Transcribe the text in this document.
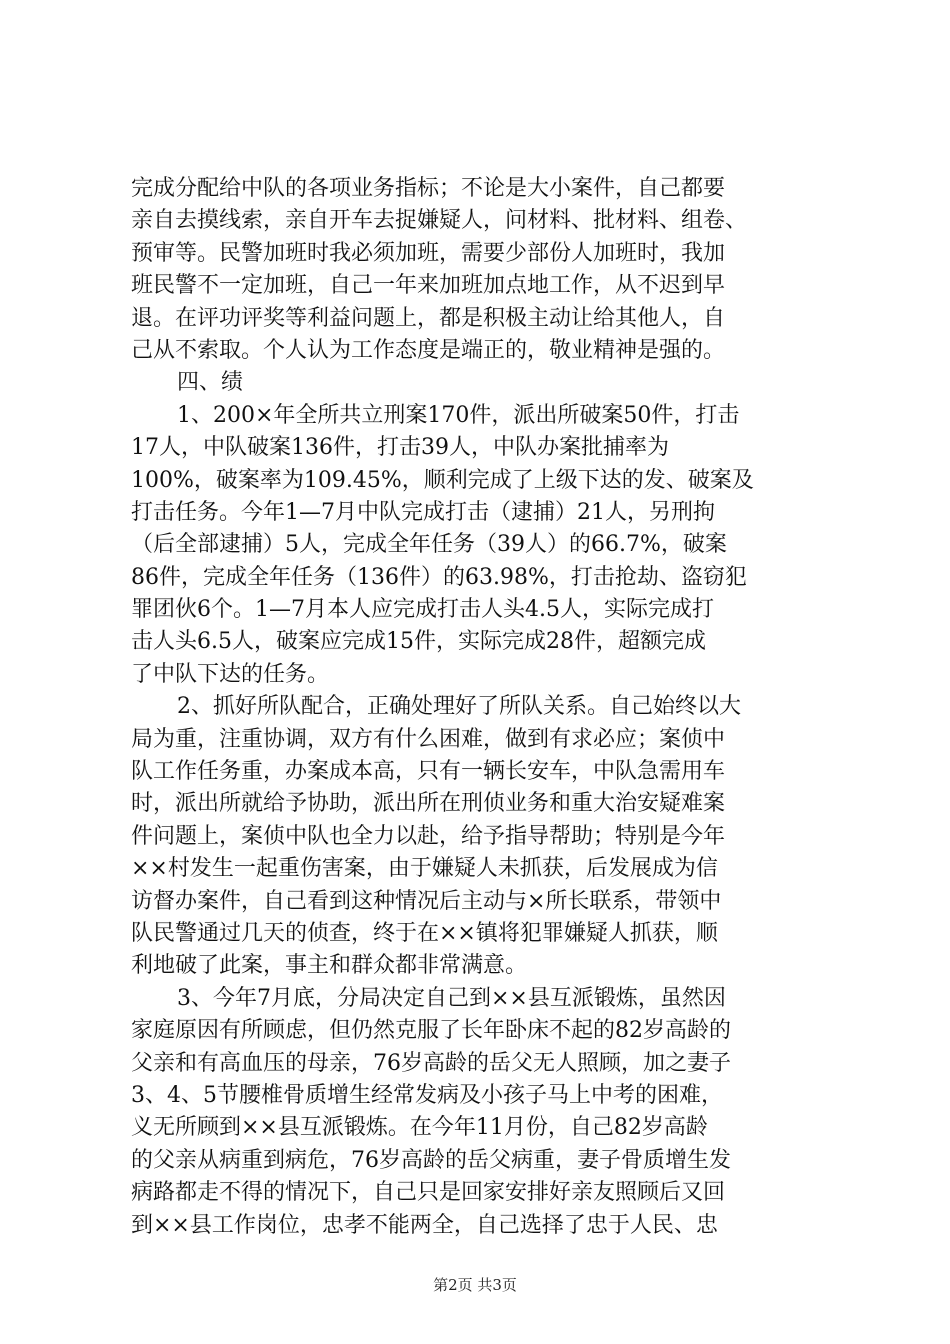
完成分配给中队的各项业务指标；不论是大小案件，自己都要
亲自去摸线索，亲自开车去捉嫌疑人，问材料、批材料、组卷、
预审等。民警加班时我必须加班，需要少部份人加班时，我加
班民警不一定加班，自己一年来加班加点地工作，从不迟到早
退。在评功评奖等利益问题上，都是积极主动让给其他人，自
己从不索取。个人认为工作态度是端正的，敬业精神是强的。
四、绩
1、200×年全所共立刑案170件，派出所破案50件，打击
17人，中队破案136件，打击39人，中队办案批捕率为
100%，破案率为109.45%，顺利完成了上级下达的发、破案及
打击任务。今年1—7月中队完成打击（逮捕）21人，另刑拘
（后全部逮捕）5人，完成全年任务（39人）的66.7%，破案
86件，完成全年任务（136件）的63.98%，打击抢劫、盗窃犯
罪团伙6个。1—7月本人应完成打击人头4.5人，实际完成打
击人头6.5人，破案应完成15件，实际完成28件，超额完成
了中队下达的任务。
2、抓好所队配合，正确处理好了所队关系。自己始终以大
局为重，注重协调，双方有什么困难，做到有求必应；案侦中
队工作任务重，办案成本高，只有一辆长安车，中队急需用车
时，派出所就给予协助，派出所在刑侦业务和重大治安疑难案
件问题上，案侦中队也全力以赴，给予指导帮助；特别是今年
××村发生一起重伤害案，由于嫌疑人未抓获，后发展成为信
访督办案件，自己看到这种情况后主动与×所长联系，带领中
队民警通过几天的侦查，终于在××镇将犯罪嫌疑人抓获，顺
利地破了此案，事主和群众都非常满意。
3、今年7月底，分局决定自己到××县互派锻炼，虽然因
家庭原因有所顾虑，但仍然克服了长年卧床不起的82岁高龄的
父亲和有高血压的母亲，76岁高龄的岳父无人照顾，加之妻子
3、4、5节腰椎骨质增生经常发病及小孩子马上中考的困难，
义无所顾到××县互派锻炼。在今年11月份，自己82岁高龄
的父亲从病重到病危，76岁高龄的岳父病重，妻子骨质增生发
病路都走不得的情况下，自己只是回家安排好亲友照顾后又回
到××县工作岗位，忠孝不能两全，自己选择了忠于人民、忠
第2页 共3页
